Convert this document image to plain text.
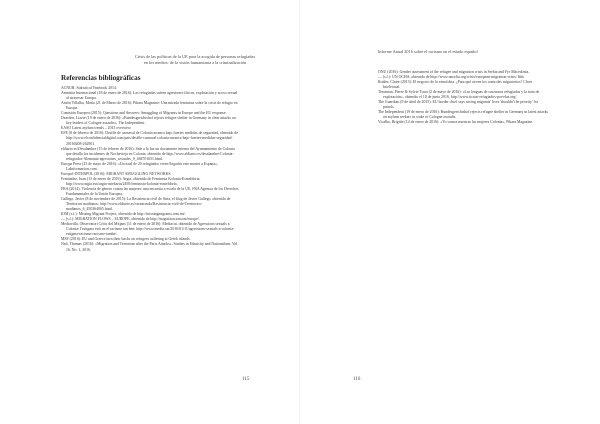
Crisis de las políticas de la UE para la acogida de personas refugiadas
en los medios: de la visión humanitaria a la criminalización
Referencias bibliográficas
ACNUR: Statistical Yearbook 2014.
Amnistía Internacional (18 de enero de 2016): Las refugiadas sufren agresiones físicas, explotación y acoso sexual al atravesar Europa.
Antón Villalba, María (21 de Marzo de 2016): Pikara Magazine: Una mirada feminista sobre la crisis de refugio en Europa.
Comisión Europea (2015): Questions and Answers: Smuggling of Migrants in Europe and the EU response.
Dearden, Lizzie (19 de enero de 2016): «Bundesgerichtshof rejects refugee shelter in Germany in clear attacks on key leaders of Cologne assaults», The Independent.
EASO Latest asylum trends – 2015 overview.
EFE (8 de febrero de 2016): Desfile de carnaval de Colonia arranca bajo fuertes medidas de seguridad, obtenido de http://www.elconfidencialdigital.com/pais/desfile-carnaval-colonia-arranca-bajo-fuertes-medidas-seguridad-20160208-262901.
eldiario.es/Desalambre (15 de febrero de 2016): Sale a la luz un documento interno del Ayuntamiento de Colonia que detalla los incidentes de Nochevieja en Colonia, obtenido de http://www.eldiario.es/desalambre/Colonia-refugiados-Alemania-agresiones_sexuales_0_484701651.html.
Europa Press (23 de mayo de 2016): «Un total de 20 refugiados viven llegados este martes a Espana», LaInformacion.com.
Europol-INTERPOL (2016): MIGRANT SMUGGLING NETWORKS.
Fernández, Juan (13 de enero de 2016): Argia, obtenido de Feminista Kolonia-Esmeldoria: http://www.argia.eus/argia-astekaria/2495/feminista-kolonia-esmeldoria.
FRA (2014): Violencia de género contra las mujeres: una encuesta a escala de la UE, FRA Agencia de los Derechos Fundamentales de la Unión Europea.
Gallego, Javier (8 de noviembre de 2015): La Resistencia civil de Siria, el blog de Javier Gallego, obtenido de Territorios madianos: http://www.eldiario.es/carnecruda/Resistencia-civil-de-Territorios-madianos_6_450364065.html.
IOM (s.f.): Missing Migrant Project, obtenido de http://missingmigrants.iom.int/.
— (s.f.): MIGRATION FLOWS – EUROPE, obtenido de http://migration.iom.int/europe/.
Mediavilla, Observatori Crític del Mitjans (11 de enero de 2016): Mediacat, obtenido de Agressions sexuals a Colonia: l'estigma està en el racisme tan ben: http://www.media.cat/2016/01/11/agressions-sexuals-a-colonia-estigma-racisme-racismo-tambe/.
MSF (2016): EU and Greece turn their backs on refugees suffering at Greek islands.
Nail, Thomas (2016): «Migration and Terrorism after the Paris Attacks», Studies in Ethnicity and Nationalism, Vol. 16, No. 1, 2016.
115
Informe Anual 2016 sobre el racismo en el estado español
ONU (2016): Gender assessment of the refugee and migration crisis in Serbia and Fyr Macedonia.
— (s.f.): UN OCHA, obtenido de http://www.unocha.org/crisis/european-migration-crisis/ bbb.
Rodier, Claire (2013): El negocio de la xenofobia. ¿Para qué sirven los controles migratorios? Clave Intelectual.
Terranian, Pierre & Sylvie Truot (2 de mayo de 2016): «Las lenguas de cruzarnos refugiadas y la trata de explotación», obtenido el 10 de junio 2016, http://www.ticsiat-refugiados-por-elas.org/.
The Guardian (9 de abril de 2015): EU border chief says saving migrants' lives 'shouldn't be priority' for patrols.
The Independent (19 de enero de 2016): Bundesgerichtshof rejects refugee shelter in Germany in latest attacks on asylum seekers in wake of Cologne assaults.
Vicalbo, Brigitte (14 de enero de 2016): «Yo somos nuestras las mujeres Colonia», Pikara Magazine.
116
